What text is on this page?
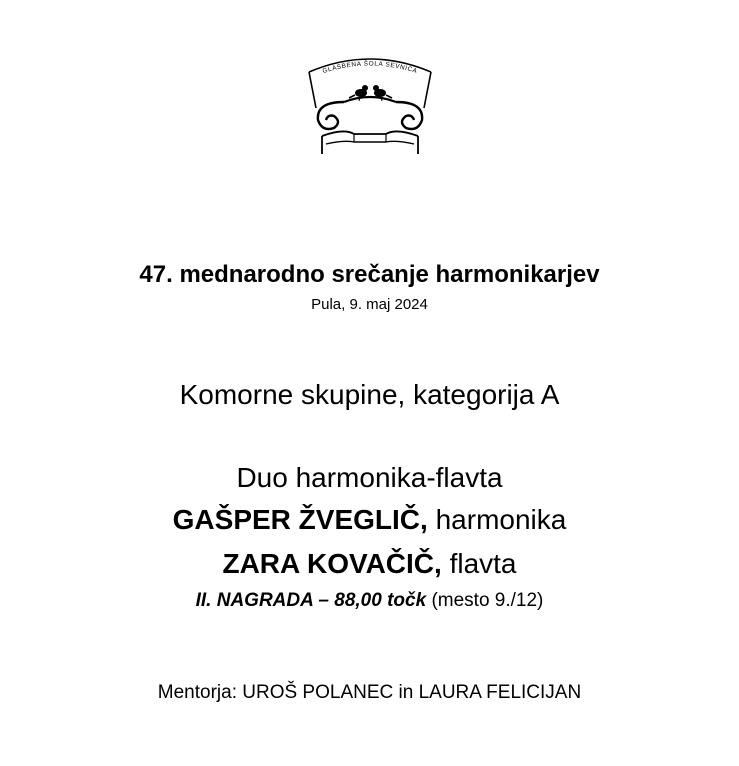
GLASBENA ŠOLA SEVNICA
47. mednarodno srečanje harmonikarjev
Pula, 9. maj 2024
Komorne skupine, kategorija A
Duo harmonika-flavta
GAŠPER ŽVEGLIČ, harmonika
ZARA KOVAČIČ, flavta
II. NAGRADA – 88,00 točk (mesto 9./12)
Mentorja: UROŠ POLANEC in LAURA FELICIJAN
